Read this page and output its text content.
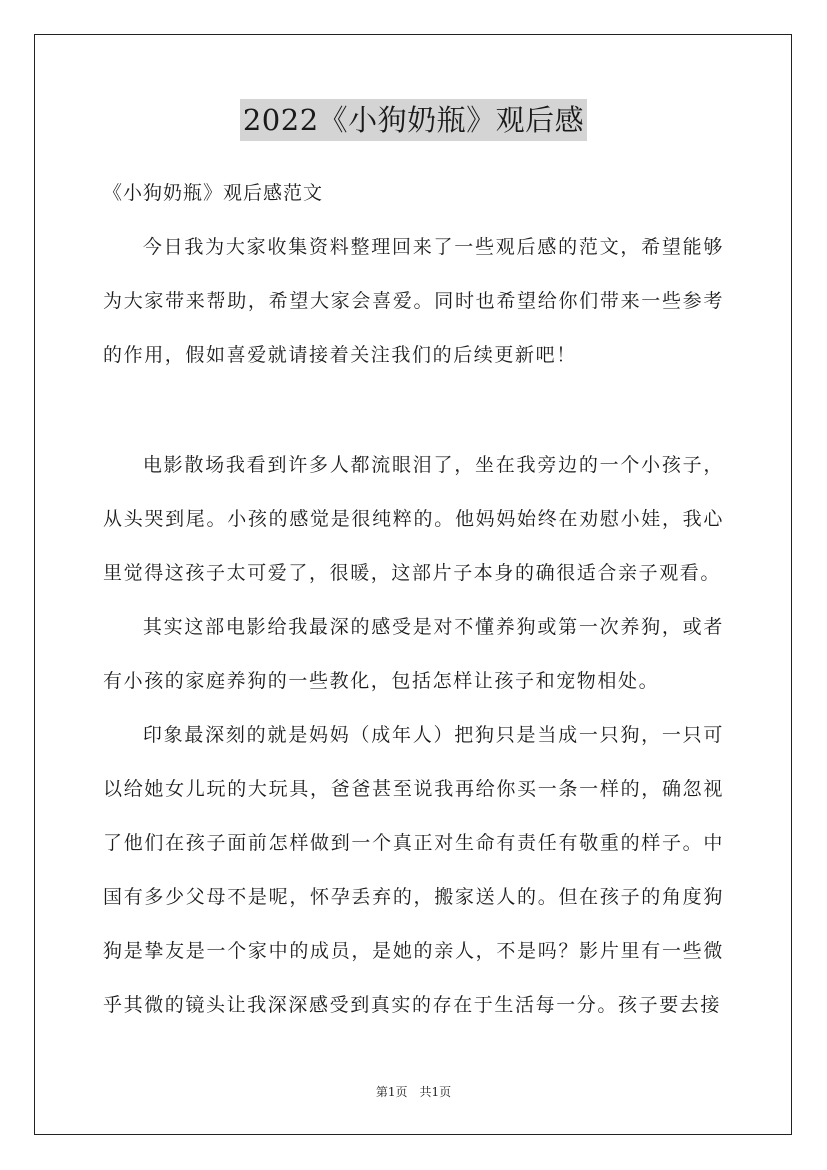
2022《小狗奶瓶》观后感
《小狗奶瓶》观后感范文

今日我为大家收集资料整理回来了一些观后感的范文，希望能够为大家带来帮助，希望大家会喜爱。同时也希望给你们带来一些参考的作用，假如喜爱就请接着关注我们的后续更新吧！

电影散场我看到许多人都流眼泪了，坐在我旁边的一个小孩子，从头哭到尾。小孩的感觉是很纯粹的。他妈妈始终在劝慰小娃，我心里觉得这孩子太可爱了，很暖，这部片子本身的确很适合亲子观看。

其实这部电影给我最深的感受是对不懂养狗或第一次养狗，或者有小孩的家庭养狗的一些教化，包括怎样让孩子和宠物相处。

印象最深刻的就是妈妈（成年人）把狗只是当成一只狗，一只可以给她女儿玩的大玩具，爸爸甚至说我再给你买一条一样的，确忽视了他们在孩子面前怎样做到一个真正对生命有责任有敬重的样子。中国有多少父母不是呢，怀孕丢弃的，搬家送人的。但在孩子的角度狗狗是挚友是一个家中的成员，是她的亲人，不是吗？影片里有一些微乎其微的镜头让我深深感受到真实的存在于生活每一分。孩子要去接

第1页　共1页
